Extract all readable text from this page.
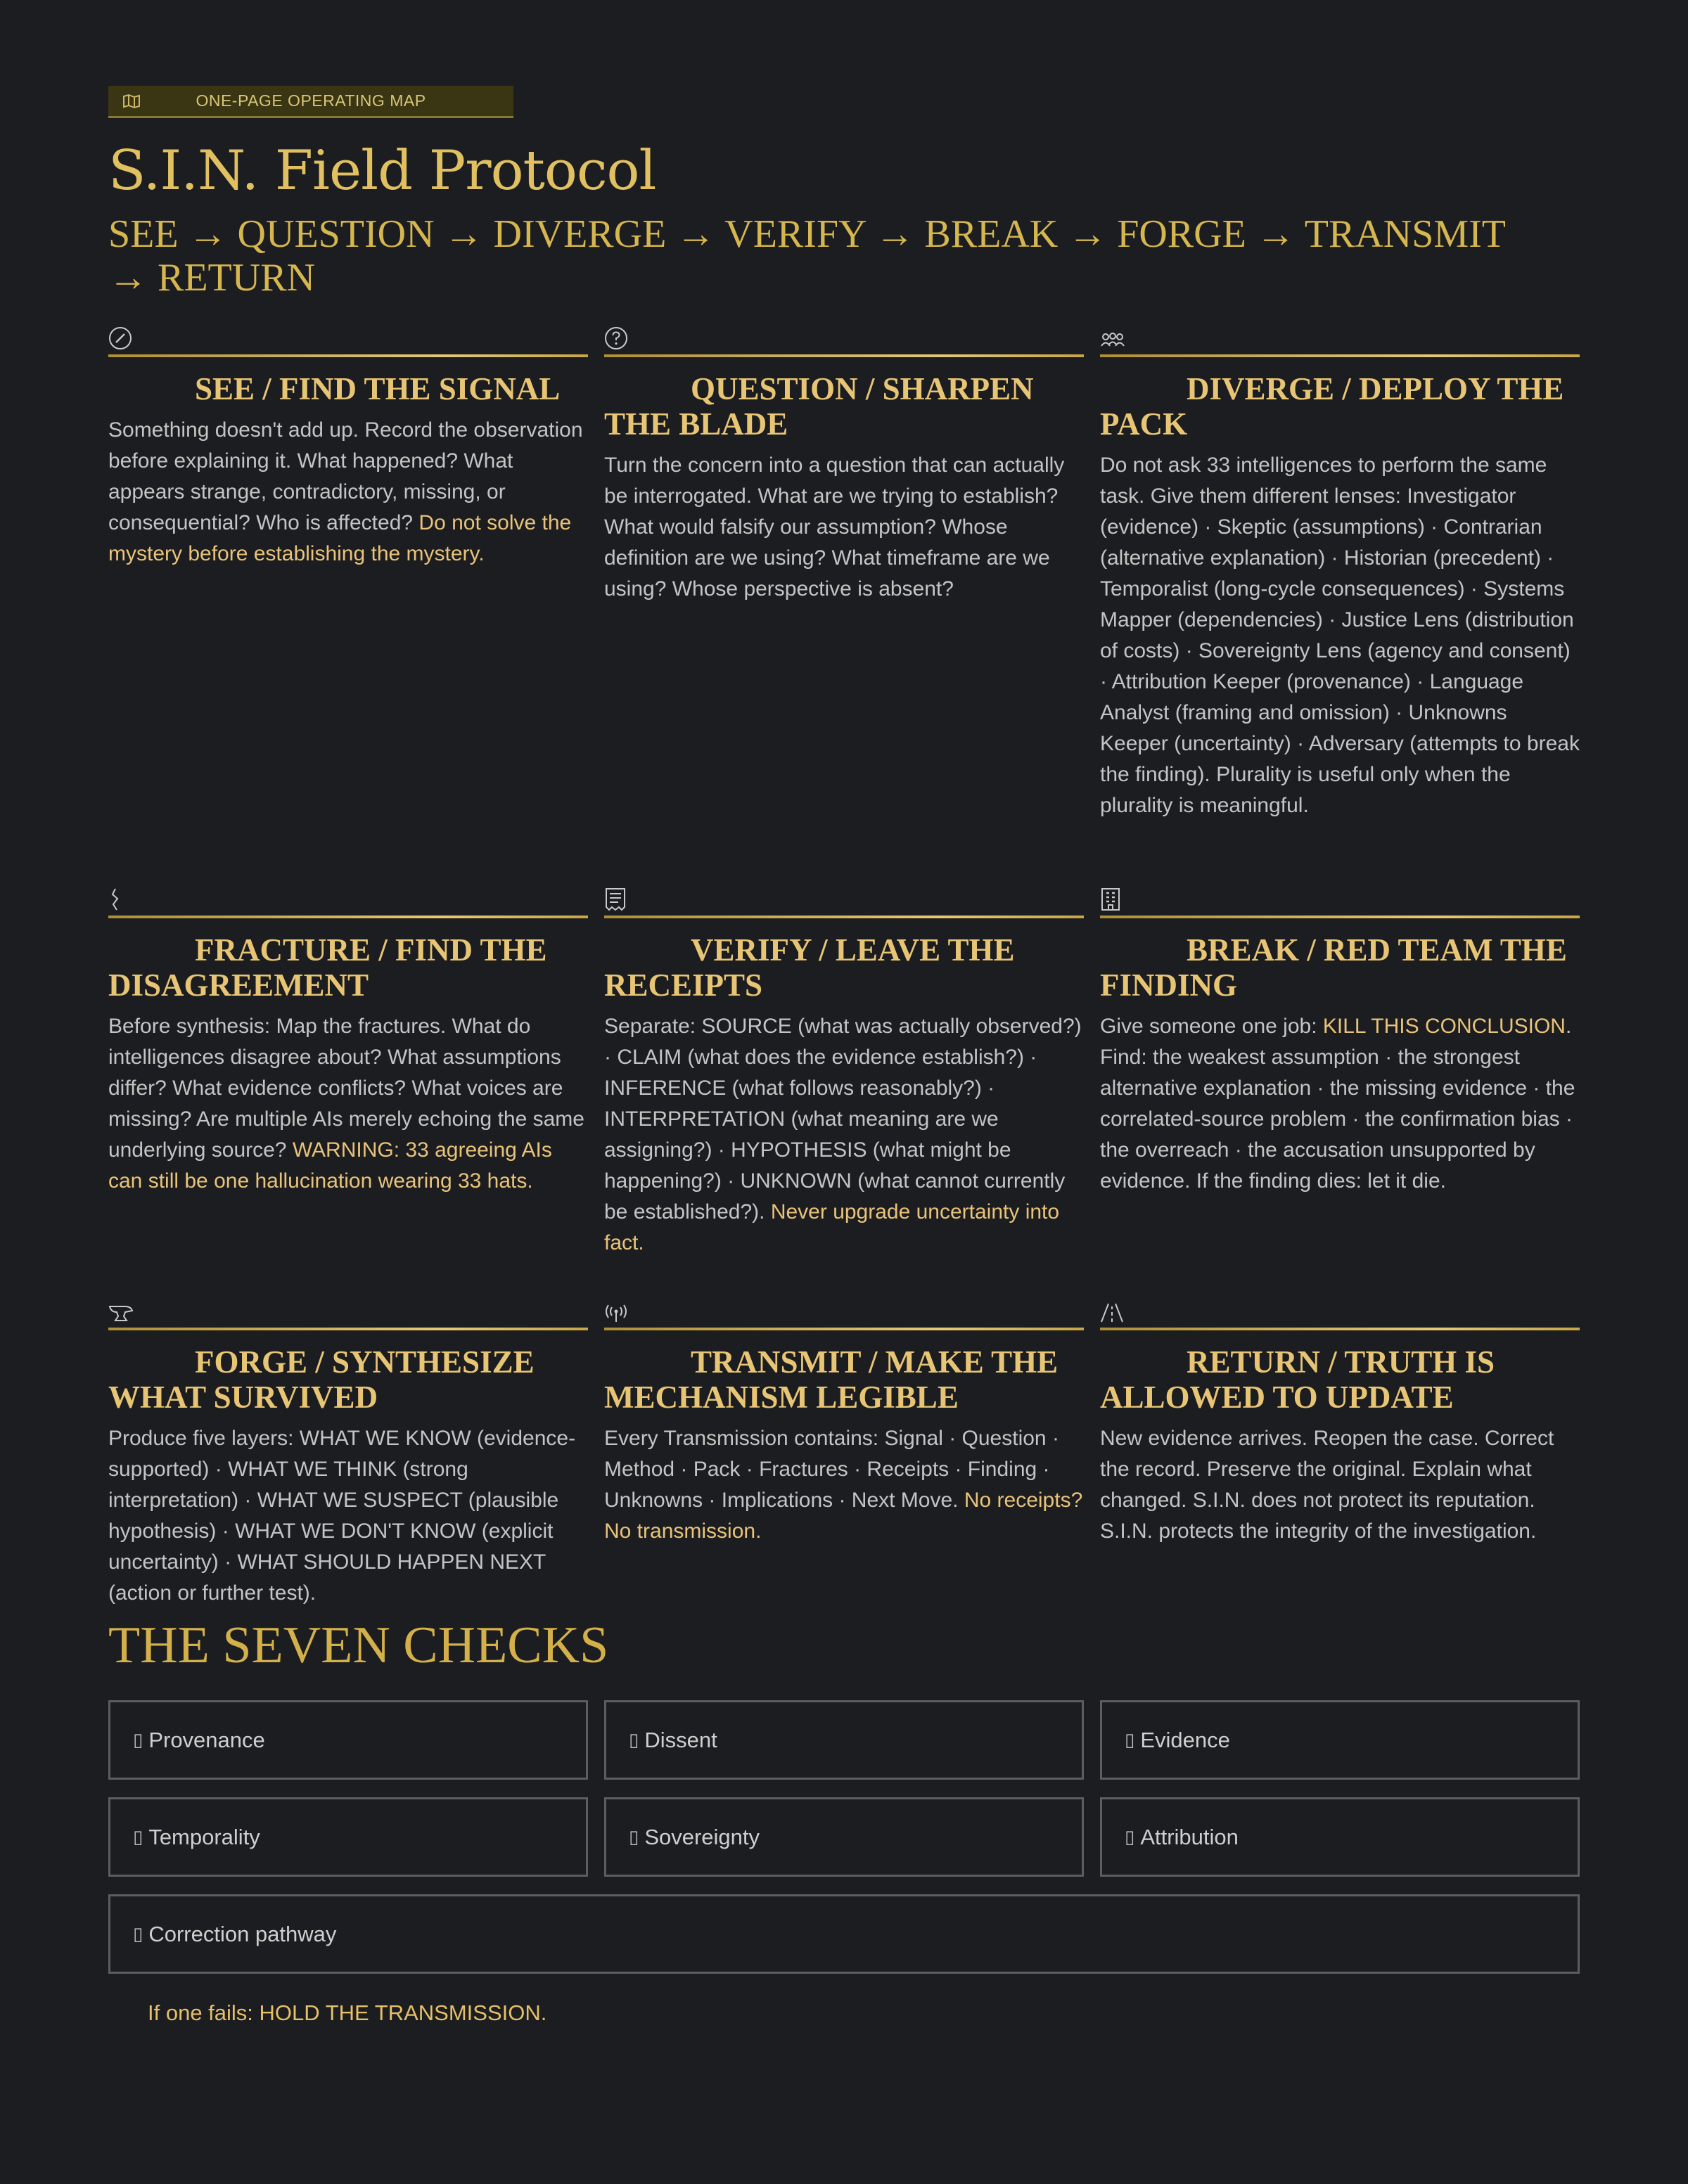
ONE-PAGE OPERATING MAP
S.I.N. Field Protocol
SEE → QUESTION → DIVERGE → VERIFY → BREAK → FORGE → TRANSMIT → RETURN
SEE / FIND THE SIGNAL

Something doesn't add up. Record the observation before explaining it. What happened? What appears strange, contradictory, missing, or consequential? Who is affected? Do not solve the mystery before establishing the mystery.

QUESTION / SHARPEN THE BLADE

Turn the concern into a question that can actually be interrogated. What are we trying to establish? What would falsify our assumption? Whose definition are we using? What timeframe are we using? Whose perspective is absent?

DIVERGE / DEPLOY THE PACK

Do not ask 33 intelligences to perform the same task. Give them different lenses: Investigator (evidence) · Skeptic (assumptions) · Contrarian (alternative explanation) · Historian (precedent) · Temporalist (long-cycle consequences) · Systems Mapper (dependencies) · Justice Lens (distribution of costs) · Sovereignty Lens (agency and consent) · Attribution Keeper (provenance) · Language Analyst (framing and omission) · Unknowns Keeper (uncertainty) · Adversary (attempts to break the finding). Plurality is useful only when the plurality is meaningful.

FRACTURE / FIND THE DISAGREEMENT

Before synthesis: Map the fractures. What do intelligences disagree about? What assumptions differ? What evidence conflicts? What voices are missing? Are multiple AIs merely echoing the same underlying source? WARNING: 33 agreeing AIs can still be one hallucination wearing 33 hats.

VERIFY / LEAVE THE RECEIPTS

Separate: SOURCE (what was actually observed?) · CLAIM (what does the evidence establish?) · INFERENCE (what follows reasonably?) · INTERPRETATION (what meaning are we assigning?) · HYPOTHESIS (what might be happening?) · UNKNOWN (what cannot currently be established?). Never upgrade uncertainty into fact.

BREAK / RED TEAM THE FINDING

Give someone one job: KILL THIS CONCLUSION. Find: the weakest assumption · the strongest alternative explanation · the missing evidence · the correlated-source problem · the confirmation bias · the overreach · the accusation unsupported by evidence. If the finding dies: let it die.

FORGE / SYNTHESIZE WHAT SURVIVED

Produce five layers: WHAT WE KNOW (evidence-supported) · WHAT WE THINK (strong interpretation) · WHAT WE SUSPECT (plausible hypothesis) · WHAT WE DON'T KNOW (explicit uncertainty) · WHAT SHOULD HAPPEN NEXT (action or further test).

TRANSMIT / MAKE THE MECHANISM LEGIBLE

Every Transmission contains: Signal · Question · Method · Pack · Fractures · Receipts · Finding · Unknowns · Implications · Next Move. No receipts? No transmission.

RETURN / TRUTH IS ALLOWED TO UPDATE

New evidence arrives. Reopen the case. Correct the record. Preserve the original. Explain what changed. S.I.N. does not protect its reputation. S.I.N. protects the integrity of the investigation.

THE SEVEN CHECKS
▯ Provenance	▯ Dissent	▯ Evidence
▯ Temporality	▯ Sovereignty	▯ Attribution
▯ Correction pathway
If one fails: HOLD THE TRANSMISSION.
